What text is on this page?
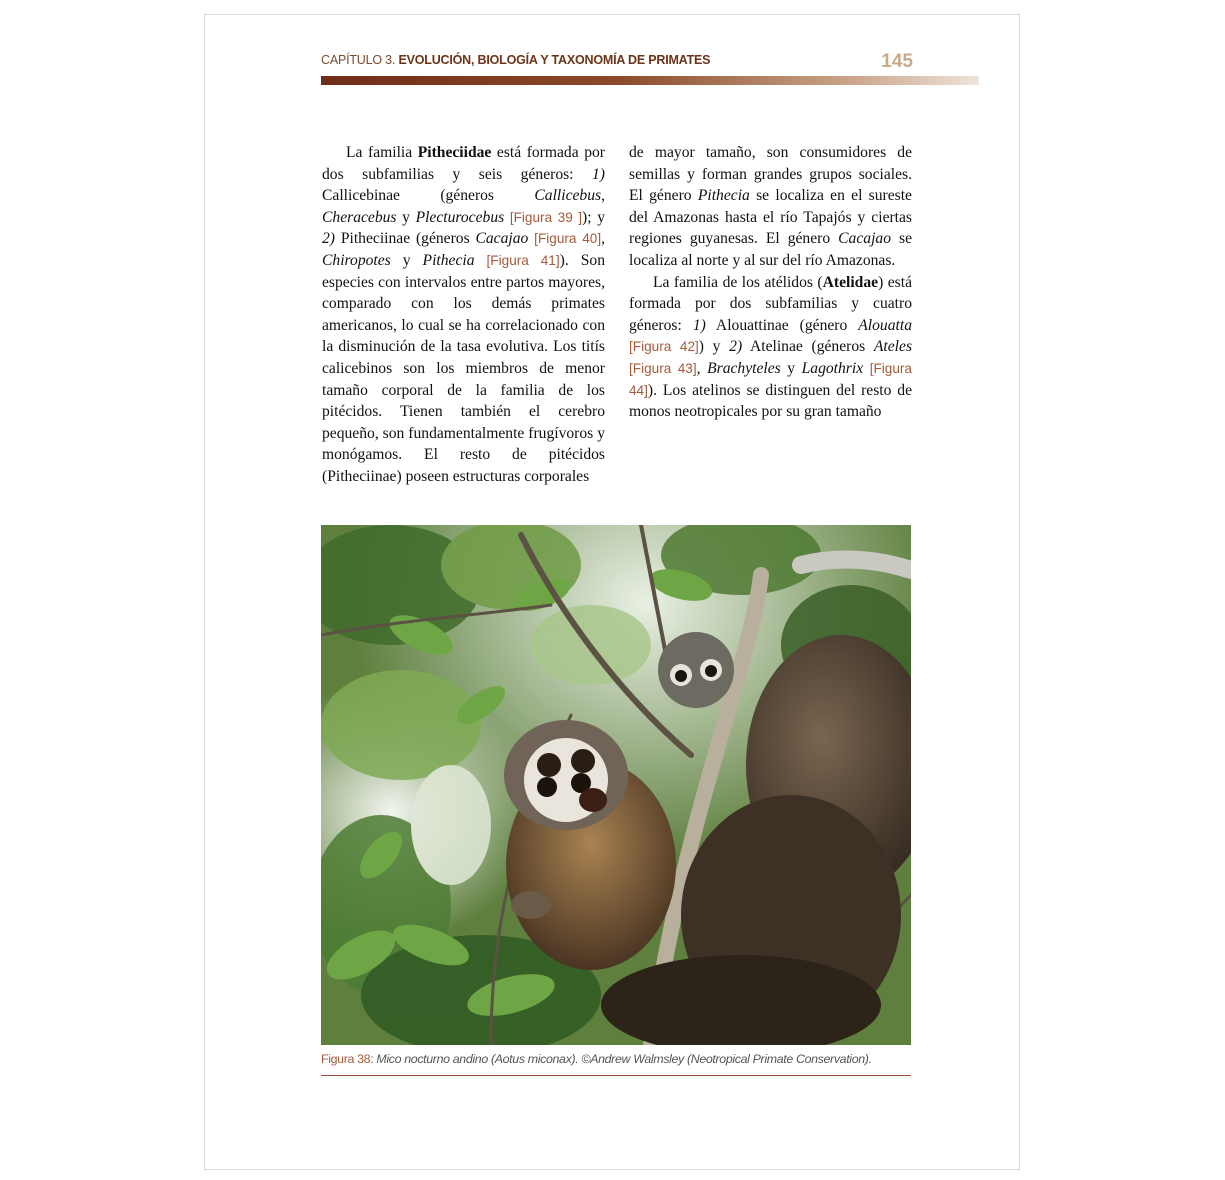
CAPÍTULO 3. EVOLUCIÓN, BIOLOGÍA Y TAXONOMÍA DE PRIMATES	145

La familia Pitheciidae está formada por dos subfamilias y seis géneros: 1) Callicebinae (géneros Callicebus, Cheracebus y Plecturocebus [Figura 39 ]); y 2) Pitheciinae (géneros Cacajao [Figura 40], Chiropotes y Pithecia [Figura 41]). Son especies con intervalos entre partos mayores, comparado con los demás primates americanos, lo cual se ha correlacionado con la disminución de la tasa evolutiva. Los titís calicebinos son los miembros de menor tamaño corporal de la familia de los pitécidos. Tienen también el cerebro pequeño, son fundamentalmente frugívoros y monógamos. El resto de pitécidos (Pitheciinae) poseen estructuras corporales

de mayor tamaño, son consumidores de semillas y forman grandes grupos sociales. El género Pithecia se localiza en el sureste del Amazonas hasta el río Tapajós y ciertas regiones guyanesas. El género Cacajao se localiza al norte y al sur del río Amazonas.

La familia de los atélidos (Atelidae) está formada por dos subfamilias y cuatro géneros: 1) Alouattinae (género Alouatta [Figura 42]) y 2) Atelinae (géneros Ateles [Figura 43], Brachyteles y Lagothrix [Figura 44]). Los atelinos se distinguen del resto de monos neotropicales por su gran tamaño

Figura 38: Mico nocturno andino (Aotus miconax). ©Andrew Walmsley (Neotropical Primate Conservation).
